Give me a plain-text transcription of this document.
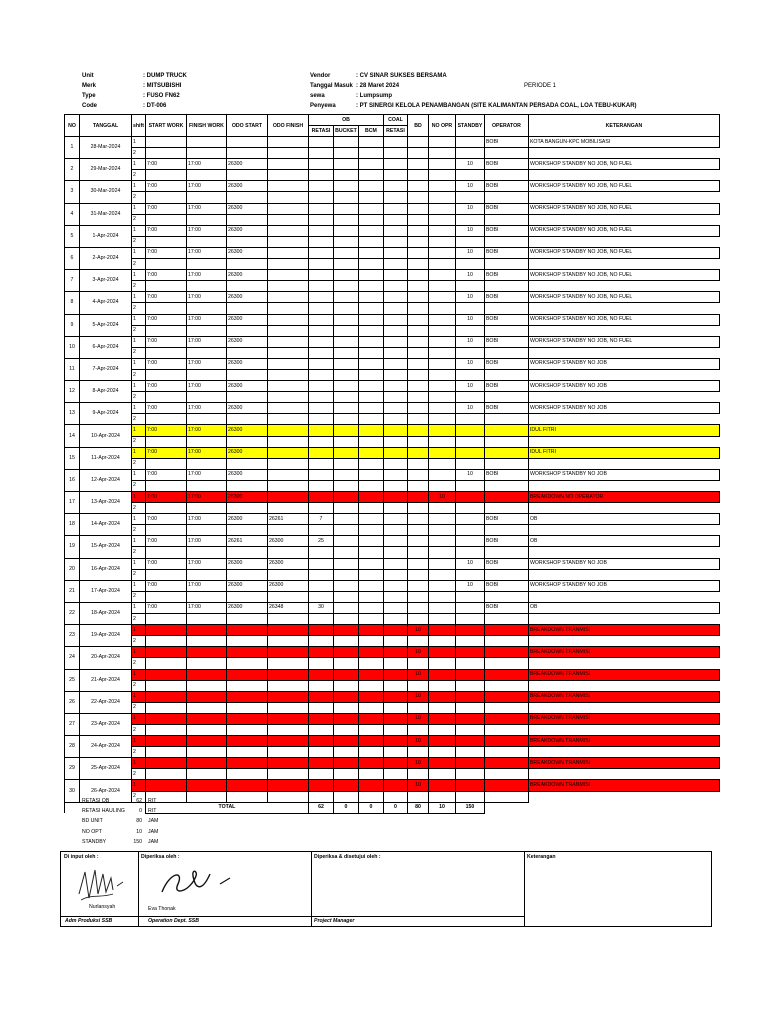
Unit	: DUMP TRUCK
Merk	: MITSUBISHI
Type	: FUSO FN62
Code	: DT-006
Vendor	: CV SINAR SUKSES BERSAMA
Tanggal Masuk : 28 Maret 2024
sewa	: Lumpsump
Penyewa	: PT SINERGI KELOLA PENAMBANGAN (SITE KALIMANTAN PERSADA COAL, LOA TEBU-KUKAR)
PERIODE 1
NO	TANGGAL	shift	START WORK	FINISH WORK	ODO START	ODO FINISH	OB			COAL	BD	NO OPR	STANDBY	OPERATOR	KETERANGAN
							RETASI	BUCKET	BCM	RETASI					
1	28-Mar-2024	1												BOBI	KOTA BANGUN-KPC MOBILISASI
		2													
2	29-Mar-2024	1	7:00	17:00	26300								10	BOBI	WORKSHOP STANDBY NO JOB, NO FUEL
		2													
3	30-Mar-2024	1	7:00	17:00	26300								10	BOBI	WORKSHOP STANDBY NO JOB, NO FUEL
		2													
4	31-Mar-2024	1	7:00	17:00	26300								10	BOBI	WORKSHOP STANDBY NO JOB, NO FUEL
		2													
5	1-Apr-2024	1	7:00	17:00	26300								10	BOBI	WORKSHOP STANDBY NO JOB, NO FUEL
		2													
6	2-Apr-2024	1	7:00	17:00	26300								10	BOBI	WORKSHOP STANDBY NO JOB, NO FUEL
		2													
7	3-Apr-2024	1	7:00	17:00	26300								10	BOBI	WORKSHOP STANDBY NO JOB, NO FUEL
		2													
8	4-Apr-2024	1	7:00	17:00	26300								10	BOBI	WORKSHOP STANDBY NO JOB, NO FUEL
		2													
9	5-Apr-2024	1	7:00	17:00	26300								10	BOBI	WORKSHOP STANDBY NO JOB, NO FUEL
		2													
10	6-Apr-2024	1	7:00	17:00	26300								10	BOBI	WORKSHOP STANDBY NO JOB, NO FUEL
		2													
11	7-Apr-2024	1	7:00	17:00	26300								10	BOBI	WORKSHOP STANDBY NO JOB
		2													
12	8-Apr-2024	1	7:00	17:00	26300								10	BOBI	WORKSHOP STANDBY NO JOB
		2													
13	9-Apr-2024	1	7:00	17:00	26300								10	BOBI	WORKSHOP STANDBY NO JOB
		2													
14	10-Apr-2024	1	7:00	17:00	26300										IDUL FITRI
		2													
15	11-Apr-2024	1	7:00	17:00	26300										IDUL FITRI
		2													
16	12-Apr-2024	1	7:00	17:00	26300								10	BOBI	WORKSHOP STANDBY NO JOB
		2													
17	13-Apr-2024	1	7:00	17:00	26300							10			BREAKDOWN NO OPERATOR
		2													
18	14-Apr-2024	1	7:00	17:00	26300	26261	7							BOBI	OB
		2													
19	15-Apr-2024	1	7:00	17:00	26261	26300	25							BOBI	OB
		2													
20	16-Apr-2024	1	7:00	17:00	26300	26300							10	BOBI	WORKSHOP STANDBY NO JOB
		2													
21	17-Apr-2024	1	7:00	17:00	26300	26300							10	BOBI	WORKSHOP STANDBY NO JOB
		2													
22	18-Apr-2024	1	7:00	17:00	26300	26348	30							BOBI	OB
		2													
23	19-Apr-2024	1									10				BREAKDOWN TRANMISI
		2													
24	20-Apr-2024	1									10				BREAKDOWN TRANMISI
		2													
25	21-Apr-2024	1									10				BREAKDOWN TRANMISI
		2													
26	22-Apr-2024	1									10				BREAKDOWN TRANMISI
		2													
27	23-Apr-2024	1									10				BREAKDOWN TRANMISI
		2													
28	24-Apr-2024	1									10				BREAKDOWN TRANMISI
		2													
29	25-Apr-2024	1									10				BREAKDOWN TRANMISI
		2													
30	26-Apr-2024	1									10				BREAKDOWN TRANMISI
		2													
			TOTAL				62	0	0	0	80	10	150		
RETASI OB	62 RIT
RETASI HAULING	0 RIT
BD UNIT	80 JAM
NO OPT	10 JAM
STANDBY	150 JAM
Di input oleh :
Nurlansyah
Adm Produksi SSB
Diperiksa oleh :
Eva Thonak
Operation Dept. SSB
Diperiksa & disetujui oleh :
Project Manager
Keterangan
